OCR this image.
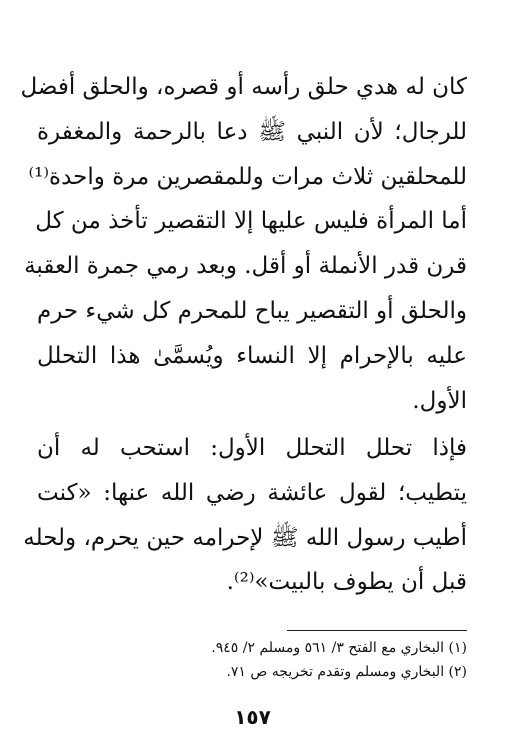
كان له هدي حلق رأسه أو قصره، والحلق أفضل
للرجال؛ لأن النبي ﷺ دعا بالرحمة والمغفرة
للمحلقين ثلاث مرات وللمقصرين مرة واحدة⁽¹⁾
أما المرأة فليس عليها إلا التقصير تأخذ من كل
قرن قدر الأنملة أو أقل. وبعد رمي جمرة العقبة
والحلق أو التقصير يباح للمحرم كل شيء حرم
عليه بالإحرام إلا النساء ويُسمَّىٰ هذا التحلل
الأول.
فإذا تحلل التحلل الأول: استحب له أن
يتطيب؛ لقول عائشة رضي الله عنها: «كنت
أطيب رسول الله ﷺ لإحرامه حين يحرم، ولحله
قبل أن يطوف بالبيت»⁽²⁾.
(١) البخاري مع الفتح ٣/ ٥٦١ ومسلم ٢/ ٩٤٥.
(٢) البخاري ومسلم وتقدم تخريجه ص ٧١.
١٥٧
